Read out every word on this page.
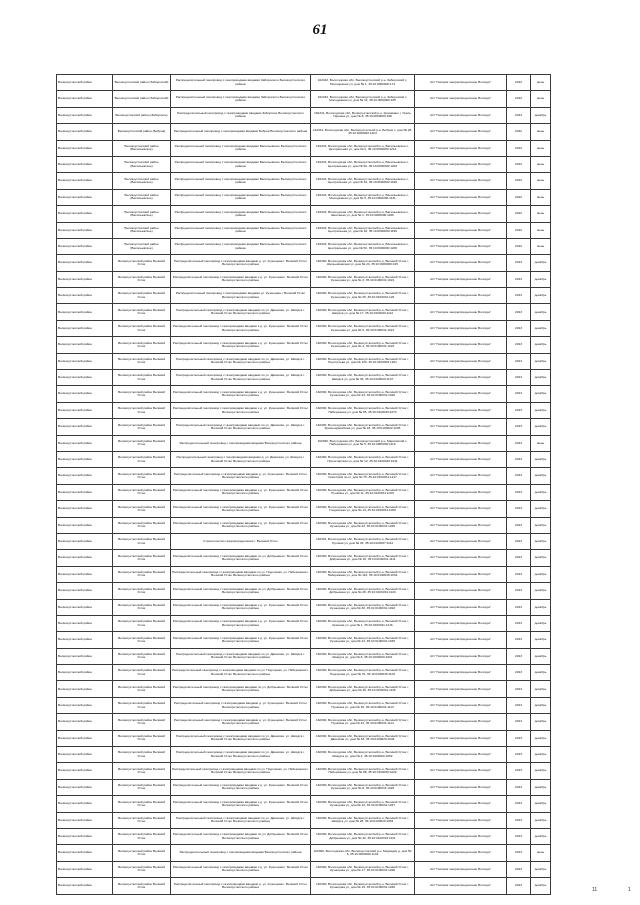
61
Великоустюгский район	Великоустюгский район (Забороский)	Распределительный газопровод с газопроводами вводами Забороского Великоустюгского района	162343, Вологодская обл, Великоустюгский р-н, Забороский с, Молодежная ул, дом № 1, 35:10:0000000:174	АО "Газпром газораспределение Вологда"	2022	июнь
Великоустюгский район	Великоустюгский район (Забороский)	Распределительный газопровод с газопроводами вводами Забороского Великоустюгского района	162343, Вологодская обл, Великоустюгский р-н, Забороский с, Молодежная ул, дом № 14, 35:10:0000000:165	АО "Газпром газораспределение Вологда"	2022	июнь
Великоустюгский район	Великоустюгский район (Заборское)	Распределительный газопровод с газопроводами вводами Заборское Великоустюгского района	162341, Вологодская обл, Великоустюгский р-н, Красавино г, Ураль Гарнина ул, дом № 8, 35:10:0000000:198	АО "Газпром газораспределение Вологда"	2023	декабрь
Великоустюгский район	Великоустюгский район (Бобров)	Распределительный газопровод с газопроводами вводами Бобров Великоустюгского района	162341, Вологодская обл, Великоустюгский р-н, Бобров с, дом № 28, 35:10:0000000:1204	АО "Газпром газораспределение Вологда"	2022	июнь
Великоустюгский район	Великоустюгский район (Васильевское)	Распределительный газопровод с газопроводами вводами Васильевское Великоустюгского района	162343, Вологодская обл, Великоустюгский р-н, Васильевское с, Центральная ул, дом № 2, 35:10:0000000:1213	АО "Газпром газораспределение Вологда"	2022	июнь
Великоустюгский район	Великоустюгский район (Васильевское)	Распределительный газопровод с газопроводами вводами Васильевское Великоустюгского района	162343, Вологодская обл, Великоустюгский р-н, Васильевское с, Центральная ул, дом № 56, 35:10:0000000:1202	АО "Газпром газораспределение Вологда"	2022	июнь
Великоустюгский район	Великоустюгский район (Васильевское)	Распределительный газопровод с газопроводами вводами Васильевское Великоустюгского района	162343, Вологодская обл, Великоустюгский р-н, Васильевское с, Центральная ул, дом № 33, 35:10:0000000:1198	АО "Газпром газораспределение Вологда"	2022	июнь
Великоустюгский район	Великоустюгский район (Васильевское)	Распределительный газопровод с газопроводами вводами Васильевское Великоустюгского района	162343, Вологодская обл, Великоустюгский р-н, Васильевское с, Молодежная ул, дом № 3, 35:10:0000000:1131	АО "Газпром газораспределение Вологда"	2022	июнь
Великоустюгский район	Великоустюгский район (Васильевское)	Распределительный газопровод с газопроводами вводами Васильевское Великоустюгского района	162343, Вологодская обл, Великоустюгский р-н, Васильевское с, Школьная ул, дом № 1, 35:10:0000000:1186	АО "Газпром газораспределение Вологда"	2022	июнь
Великоустюгский район	Великоустюгский район (Васильевское)	Распределительный газопровод с газопроводами вводами Васильевское Великоустюгского района	162343, Вологодская обл, Великоустюгский р-н, Васильевское с, Центральная ул, дом № 18, 35:10:0000000:1196	АО "Газпром газораспределение Вологда"	2022	июнь
Великоустюгский район	Великоустюгский район (Васильевское)	Распределительный газопровод с газопроводами вводами Васильевское Великоустюгского района	162343, Вологодская обл, Великоустюгский р-н, Васильевское с, Центральная ул, дом № 50, 35:10:0000000:1200	АО "Газпром газораспределение Вологда"	2022	июнь
Великоустюгский район	Великоустюгский район Великий Устюг	Распределительный газопровод с газопроводами вводами д. ул. Кузнецова г. Великий Устюг Великоустюгского района	162390, Вологодская обл, Великоустюгский р-н, Великий Устюг г, Шильниковская ул, дом № 24, 35:10:0000000:425	АО "Газпром газораспределение Вологда"	2023	декабрь
Великоустюгский район	Великоустюгский район Великий Устюг	Распределительный газопровод с газопроводами вводами к д. ул. Кузнецова г. Великий Устюг Великоустюгского района	162390, Вологодская обл, Великоустюгский р-н, Великий Устюг г, Кузнецова ул, дом № 3, 35:10:0100031:1024	АО "Газпром газораспределение Вологда"	2023	декабрь
Великоустюгский район	Великоустюгский район Великий Устюг	Распределительный газопровод с газопроводами вводами ул. Кузнецова г. Великий Устюг Великоустюгского района	162390, Вологодская обл, Великоустюгский р-н, Великий Устюг г, Кузнецова ул, дом № 25, 35:10:0100031:126	АО "Газпром газораспределение Вологда"	2023	декабрь
Великоустюгский район	Великоустюгский район Великий Устюг	Распределительный газопровод с газопроводами вводами по ул. Двинская, ул. Шмидта г. Великий Устюг Великоустюгского района	162390, Вологодская обл, Великоустюгский р-н, Великий Устюг г, Шмидта ул, дом № 17, 35:10:0100020:1112	АО "Газпром газораспределение Вологда"	2023	декабрь
Великоустюгский район	Великоустюгский район Великий Устюг	Распределительный газопровод с газопроводами вводами к д. ул. Кузнецова г. Великий Устюг Великоустюгского района	162390, Вологодская обл, Великоустюгский р-н, Великий Устюг г, Кузнецова ул, дом № 5, 35:10:0100031:1021	АО "Газпром газораспределение Вологда"	2023	декабрь
Великоустюгский район	Великоустюгский район Великий Устюг	Распределительный газопровод с газопроводами вводами к д. ул. Кузнецова г. Великий Устюг Великоустюгского района	162390, Вологодская обл, Великоустюгский р-н, Великий Устюг г, Кузнецова ул, дом № 4, 35:10:0100031:1022	АО "Газпром газораспределение Вологда"	2023	декабрь
Великоустюгский район	Великоустюгский район Великий Устюг	Распределительный газопровод с газопроводами вводами по ул. Двинская, ул. Шмидта г. Великий Устюг Великоустюгского района	162390, Вологодская обл, Великоустюгский р-н, Великий Устюг г, Неустроева ул, дом № 120, 35:10:0100005:1201	АО "Газпром газораспределение Вологда"	2023	декабрь
Великоустюгский район	Великоустюгский район Великий Устюг	Распределительный газопровод с газопроводами вводами по ул. Двинская, ул. Шмидта г. Великий Устюг Великоустюгского района	162390, Вологодская обл, Великоустюгский р-н, Великий Устюг г, Шмидта ул, дом № 46, 35:10:0100020:1137	АО "Газпром газораспределение Вологда"	2023	декабрь
Великоустюгский район	Великоустюгский район Великий Устюг	Распределительный газопровод с газопроводами вводами к д. ул. Кузнецова г. Великий Устюг Великоустюгского района	162390, Вологодская обл, Великоустюгский р-н, Великий Устюг г, Кузнецова ул, дом № 33, 35:10:0100031:1020	АО "Газпром газораспределение Вологда"	2023	декабрь
Великоустюгский район	Великоустюгский район Великий Устюг	Распределительный газопровод с газопроводами вводами к д. ул. Кузнецова г. Великий Устюг Великоустюгского района	162390, Вологодская обл, Великоустюгский р-н, Великий Устюг г, Набережная ул, дом № 85, 35:10:0100036:2270	АО "Газпром газораспределение Вологда"	2023	декабрь
Великоустюгский район	Великоустюгский район Великий Устюг	Распределительный газопровод с газопроводами вводами по ул. Двинская, ул. Шмидта г. Великий Устюг Великоустюгского района	162390, Вологодская обл, Великоустюгский р-н, Великий Устюг г, Красноармейская ул, дом № 93, 35:10:0100022:1045	АО "Газпром газораспределение Вологда"	2023	декабрь
Великоустюгский район	Великоустюгский район Великий Устюг	Распределительный газопровод с газопроводами вводами Великоустюгского района	162390, Вологодская обл, Великоустюгский р-н, Марковский с, Набережная ул, дом № 5, 35:10:0000000:1119	АО "Газпром газораспределение Вологда"	2023	июнь
Великоустюгский район	Великоустюгский район Великий Устюг	Распределительный газопровод с газопроводами вводами д. ул. Двинская, ул. Шмидта г. Великий Устюг Великоустюгского района	162390, Вологодская обл, Великоустюгский р-н, Великий Устюг г, Пролетарская ул, дом № 12, 35:10:0100020:1041	АО "Газпром газораспределение Вологда"	2023	декабрь
Великоустюгский район	Великоустюгский район Великий Устюг	Распределительный газопровод с газопроводами вводами д. ул. Кузнецова г. Великий Устюг Великоустюгского района	162390, Вологодская обл, Великоустюгский р-н, Великий Устюг г, Советский пр-кт, дом № 75, 35:10:0100031:1217	АО "Газпром газораспределение Вологда"	2023	декабрь
Великоустюгский район	Великоустюгский район Великий Устюг	Распределительный газопровод с газопроводами вводами к д. ул. Кузнецова г. Великий Устюг Великоустюгского района	162390, Вологодская обл, Великоустюгский р-н, Великий Устюг г, Пушкина ул, дом № 11, 35:10:0100031:1029	АО "Газпром газораспределение Вологда"	2023	декабрь
Великоустюгский район	Великоустюгский район Великий Устюг	Распределительный газопровод с газопроводами вводами к д. ул. Кузнецова г. Великий Устюг Великоустюгского района	162390, Вологодская обл, Великоустюгский р-н, Великий Устюг г, Гледенская ул, дом № 14, 35:10:0100031:1006	АО "Газпром газораспределение Вологда"	2023	декабрь
Великоустюгский район	Великоустюгский район Великий Устюг	Распределительный газопровод с газопроводами вводами к д. ул. Кузнецова г. Великий Устюг Великоустюгского района	162390, Вологодская обл, Великоустюгский р-н, Великий Устюг г, Кузнецова ул, дом № 22, 35:10:0100031:1025	АО "Газпром газораспределение Вологда"	2023	декабрь
Великоустюгский район	Великоустюгский район Великий Устюг	Строительство газораспределения г. Великий Устюг	162391, Вологодская обл, Великоустюгский р-н, Великий Устюг г, Луговая ул, дом № 45, 35:10:0100037:1114	АО "Газпром газораспределение Вологда"	2023	декабрь
Великоустюгский район	Великоустюгский район Великий Устюг	Распределительный газопровод с газопроводами вводами по ул. Добрынина г. Великий Устюг Великоустюгского района	162390, Вологодская обл, Великоустюгский р-н, Великий Устюг г, Добрынина ул, дом № 16, 35:10:0100031:1111	АО "Газпром газораспределение Вологда"	2023	декабрь
Великоустюгский район	Великоустюгский район Великий Устюг	Распределительный газопровод с газопроводами вводами по ул. Подгорная, ул. Набережная г. Великий Устюг Великоустюгского района	162390, Вологодская обл, Великоустюгский р-н, Великий Устюг г, Набережная ул, дом № 116, 35:10:0100036:1034	АО "Газпром газораспределение Вологда"	2023	декабрь
Великоустюгский район	Великоустюгский район Великий Устюг	Распределительный газопровод с газопроводами вводами по ул. Добрынина г. Великий Устюг Великоустюгского района	162390, Вологодская обл, Великоустюгский р-н, Великий Устюг г, Добрынина ул, дом № 28, 35:10:0100031:1120	АО "Газпром газораспределение Вологда"	2023	декабрь
Великоустюгский район	Великоустюгский район Великий Устюг	Распределительный газопровод с газопроводами вводами к д. ул. Кузнецова г. Великий Устюг Великоустюгского района	162390, Вологодская обл, Великоустюгский р-н, Великий Устюг г, Кузнецова ул, дом № 30, 35:10:0100031:1022	АО "Газпром газораспределение Вологда"	2023	декабрь
Великоустюгский район	Великоустюгский район Великий Устюг	Распределительный газопровод с газопроводами вводами к д. ул. Кузнецова г. Великий Устюг Великоустюгского района	162390, Вологодская обл, Великоустюгский р-н, Великий Устюг г, Красная ул, дом № 1, 35:10:0100031:1216	АО "Газпром газораспределение Вологда"	2023	декабрь
Великоустюгский район	Великоустюгский район Великий Устюг	Распределительный газопровод с газопроводами вводами к д. ул. Кузнецова г. Великий Устюг Великоустюгского района	162390, Вологодская обл, Великоустюгский р-н, Великий Устюг г, Кузнецова ул, дом № 44, 35:10:0100031:1045	АО "Газпром газораспределение Вологда"	2023	декабрь
Великоустюгский район	Великоустюгский район Великий Устюг	Распределительный газопровод с газопроводами вводами по ул. Двинская, ул. Шмидта г. Великий Устюг Великоустюгского района	162390, Вологодская обл, Великоустюгский р-н, Великий Устюг г, Шмидта ул, дом № 8, 35:10:0100020:1001	АО "Газпром газораспределение Вологда"	2023	декабрь
Великоустюгский район	Великоустюгский район Великий Устюг	Распределительный газопровод с газопроводами вводами по ул. Подгорная, ул. Набережная г. Великий Устюг Великоустюгского района	162390, Вологодская обл, Великоустюгский р-н, Великий Устюг г, Подгорная ул, дом № 70, 35:10:0100036:1102	АО "Газпром газораспределение Вологда"	2023	декабрь
Великоустюгский район	Великоустюгский район Великий Устюг	Распределительный газопровод с газопроводами вводами по ул. Добрынина г. Великий Устюг Великоустюгского района	162390, Вологодская обл, Великоустюгский р-н, Великий Устюг г, Добрынина ул, дом № 46, 35:10:0100031:1118	АО "Газпром газораспределение Вологда"	2023	декабрь
Великоустюгский район	Великоустюгский район Великий Устюг	Распределительный газопровод с газопроводами вводами д. ул. Кузнецова г. Великий Устюг Великоустюгского района	162390, Вологодская обл, Великоустюгский р-н, Великий Устюг г, Пушкина ул, дом № 36, 35:10:0100031:1113	АО "Газпром газораспределение Вологда"	2023	декабрь
Великоустюгский район	Великоустюгский район Великий Устюг	Распределительный газопровод с газопроводами вводами д. ул. Кузнецова г. Великий Устюг Великоустюгского района	162390, Вологодская обл, Великоустюгский р-н, Великий Устюг г, Пушкина ул, дом № 42, 35:10:0100031:1114	АО "Газпром газораспределение Вологда"	2023	декабрь
Великоустюгский район	Великоустюгский район Великий Устюг	Распределительный газопровод с газопроводами вводами по ул. Двинская, ул. Шмидта г. Великий Устюг Великоустюгского района	162390, Вологодская обл, Великоустюгский р-н, Великий Устюг г, Двинская ул, дом № 53, 35:10:0100020:1048	АО "Газпром газораспределение Вологда"	2023	декабрь
Великоустюгский район	Великоустюгский район Великий Устюг	Распределительный газопровод с газопроводами вводами по ул. Двинская, ул. Шмидта г. Великий Устюг Великоустюгского района	162390, Вологодская обл, Великоустюгский р-н, Великий Устюг г, Шмидта ул, дом № 4, 35:10:0100020:1052	АО "Газпром газораспределение Вологда"	2023	декабрь
Великоустюгский район	Великоустюгский район Великий Устюг	Распределительный газопровод с газопроводами вводами по ул. Подгорная, ул. Набережная г. Великий Устюг Великоустюгского района	162390, Вологодская обл, Великоустюгский р-н, Великий Устюг г, Набережная ул, дом № 98, 35:10:0100036:1029	АО "Газпром газораспределение Вологда"	2023	декабрь
Великоустюгский район	Великоустюгский район Великий Устюг	Распределительный газопровод с газопроводами вводами к д. ул. Кузнецова г. Великий Устюг Великоустюгского района	162390, Вологодская обл, Великоустюгский р-н, Великий Устюг г, Кузнецова ул, дом № 8, 35:10:0100031:1026	АО "Газпром газораспределение Вологда"	2023	декабрь
Великоустюгский район	Великоустюгский район Великий Устюг	Распределительный газопровод с газопроводами вводами к д. ул. Кузнецова г. Великий Устюг Великоустюгского района	162390, Вологодская обл, Великоустюгский р-н, Великий Устюг г, Кузнецова ул, дом № 12, 35:10:0100031:1027	АО "Газпром газораспределение Вологда"	2023	декабрь
Великоустюгский район	Великоустюгский район Великий Устюг	Распределительный газопровод с газопроводами вводами по ул. Двинская, ул. Шмидта г. Великий Устюг Великоустюгского района	162390, Вологодская обл, Великоустюгский р-н, Великий Устюг г, Шмидта ул, дом № 28, 35:10:0100020:1064	АО "Газпром газораспределение Вологда"	2023	декабрь
Великоустюгский район	Великоустюгский район Великий Устюг	Распределительный газопровод с газопроводами вводами по ул. Добрынина г. Великий Устюг Великоустюгского района	162390, Вологодская обл, Великоустюгский р-н, Великий Устюг г, Добрынина ул, дом № 40, 35:10:0100031:1121	АО "Газпром газораспределение Вологда"	2023	декабрь
Великоустюгский район	Великоустюгский район Великий Устюг	Распределительный газопровод с газопроводами вводами Великоустюгского района	162390, Вологодская обл, Великоустюгский р-н, Медведки д, дом № 5, 35:10:0000000:1133	АО "Газпром газораспределение Вологда"	2023	июнь
Великоустюгский район	Великоустюгский район Великий Устюг	Распределительный газопровод с газопроводами вводами к д. ул. Кузнецова г. Великий Устюг Великоустюгского района	162390, Вологодская обл, Великоустюгский р-н, Великий Устюг г, Кузнецова ул, дом № 17, 35:10:0100031:1028	АО "Газпром газораспределение Вологда"	2023	декабрь
Великоустюгский район	Великоустюгский район Великий Устюг	Распределительный газопровод с газопроводами вводами д. ул. Кузнецова г. Великий Устюг Великоустюгского района	162390, Вологодская обл, Великоустюгский р-н, Великий Устюг г, Кузнецова ул, дом № 19, 35:10:0100031:1030	АО "Газпром газораспределение Вологда"	2023	декабрь
11	1
